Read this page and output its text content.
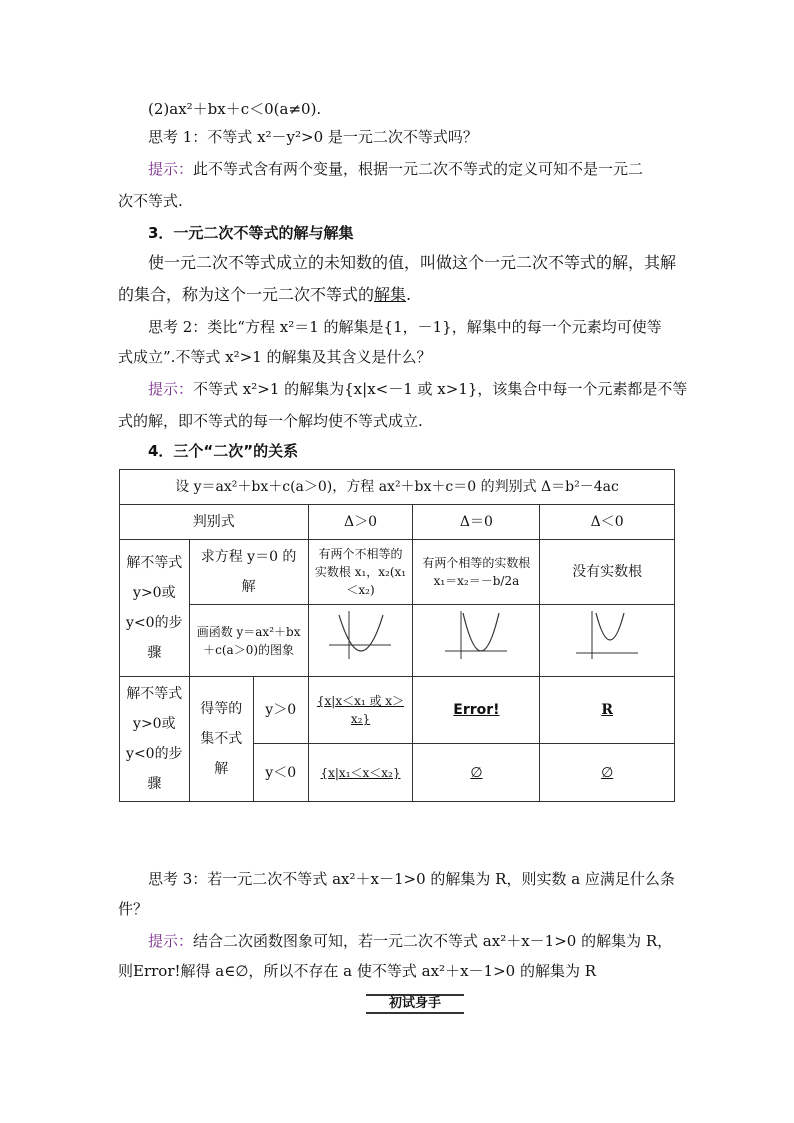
(2)ax²＋bx＋c＜0(a≠0).
思考 1：不等式 x²－y²>0 是一元二次不等式吗？
提示：此不等式含有两个变量，根据一元二次不等式的定义可知不是一元二
次不等式.
3．一元二次不等式的解与解集
使一元二次不等式成立的未知数的值，叫做这个一元二次不等式的解，其解
的集合，称为这个一元二次不等式的解集.
思考 2：类比“方程 x²＝1 的解集是{1，－1}，解集中的每一个元素均可使等
式成立”.不等式 x²>1 的解集及其含义是什么？
提示：不等式 x²>1 的解集为{x|x<－1 或 x>1}，该集合中每一个元素都是不等
式的解，即不等式的每一个解均使不等式成立.
4．三个“二次”的关系
设 y＝ax²＋bx＋c(a＞0)，方程 ax²＋bx＋c＝0 的判别式 Δ＝b²－4ac					
判别式			Δ＞0	Δ＝0	Δ＜0
解不等式y>0或y<0的步骤	求方程 y＝0 的解		有两个不相等的实数根 x₁，x₂(x₁＜x₂)	有两个相等的实数根 x₁＝x₂＝－b/2a	没有实数根
	画函数 y＝ax²＋bx＋c(a＞0)的图象			
解不等式y>0或y<0的步骤	得等的集不式解	y＞0	{x|x＜x₁ 或 x＞x₂}	Error!	R
		y＜0	{x|x₁＜x＜x₂}	∅	∅
思考 3：若一元二次不等式 ax²＋x－1>0 的解集为 R，则实数 a 应满足什么条
件？
提示：结合二次函数图象可知，若一元二次不等式 ax²＋x－1>0 的解集为 R，
则Error!解得 a∈∅，所以不存在 a 使不等式 ax²＋x－1>0 的解集为 R
初试身手
